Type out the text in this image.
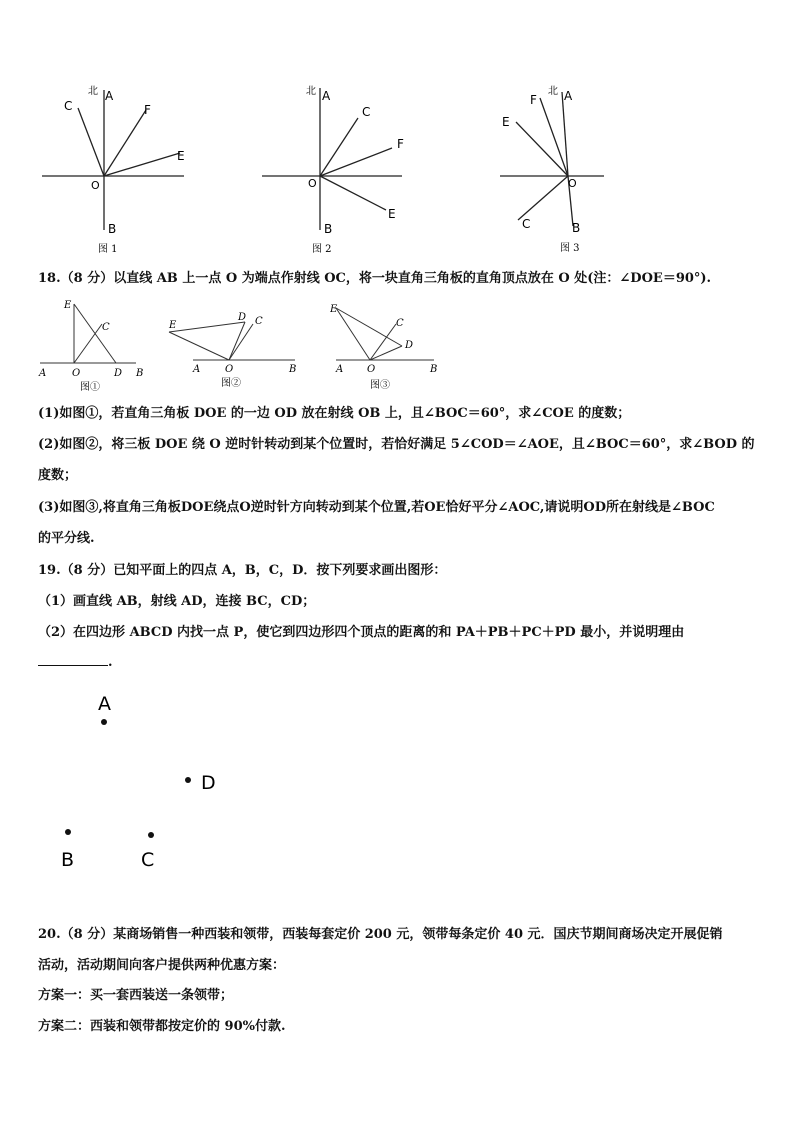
北 A
C	F
E
O
B
图 1
北 A
C
F
E
O
B
图 2
北 A
F
E
O
C	B
图 3
18.（8 分）以直线 AB 上一点 O 为端点作射线 OC，将一块直角三角板的直角顶点放在 O 处(注：∠DOE＝90°).
E
C
A	O	D B
图①
E
D C
A O	B
图②
E
C
D
A O	B
图③
(1)如图①，若直角三角板 DOE 的一边 OD 放在射线 OB 上，且∠BOC＝60°，求∠COE 的度数；
(2)如图②，将三板 DOE 绕 O 逆时针转动到某个位置时，若恰好满足 5∠COD＝∠AOE，且∠BOC＝60°，求∠BOD 的
度数；
(3)如图③,将直角三角板DOE绕点O逆时针方向转动到某个位置,若OE恰好平分∠AOC,请说明OD所在射线是∠BOC
的平分线.
19.（8 分）已知平面上的四点 A，B，C，D．按下列要求画出图形：
（1）画直线 AB，射线 AD，连接 BC，CD；
（2）在四边形 ABCD 内找一点 P，使它到四边形四个顶点的距离的和 PA＋PB＋PC＋PD 最小，并说明理由
.
A
D
B	C
20.（8 分）某商场销售一种西装和领带，西装每套定价 200 元，领带每条定价 40 元．国庆节期间商场决定开展促销
活动，活动期间向客户提供两种优惠方案：
方案一：买一套西装送一条领带；
方案二：西装和领带都按定价的 90%付款.
